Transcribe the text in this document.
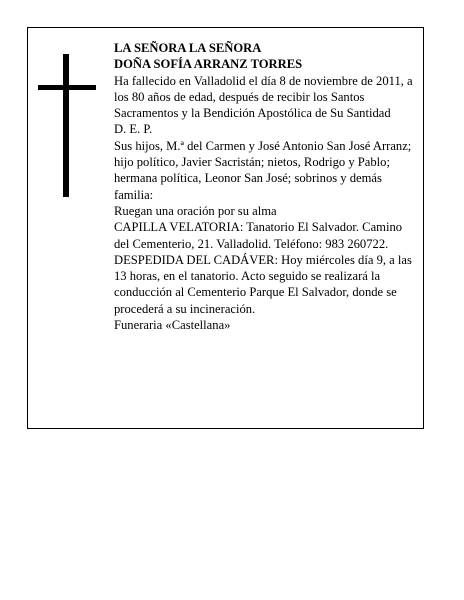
LA SEÑORA LA SEÑORA

DOÑA SOFÍA ARRANZ TORRES

Ha fallecido en Valladolid el día 8 de noviembre de 2011, a los 80 años de edad, después de recibir los Santos Sacramentos y la Bendición Apostólica de Su Santidad

D. E. P.

Sus hijos, M.ª del Carmen y José Antonio San José Arranz; hijo político, Javier Sacristán; nietos, Rodrigo y Pablo; hermana política, Leonor San José; sobrinos y demás familia:

Ruegan una oración por su alma

CAPILLA VELATORIA: Tanatorio El Salvador. Camino del Cementerio, 21. Valladolid. Teléfono: 983 260722.

DESPEDIDA DEL CADÁVER: Hoy miércoles día 9, a las 13 horas, en el tanatorio. Acto seguido se realizará la conducción al Cementerio Parque El Salvador, donde se procederá a su incineración.

Funeraria «Castellana»
